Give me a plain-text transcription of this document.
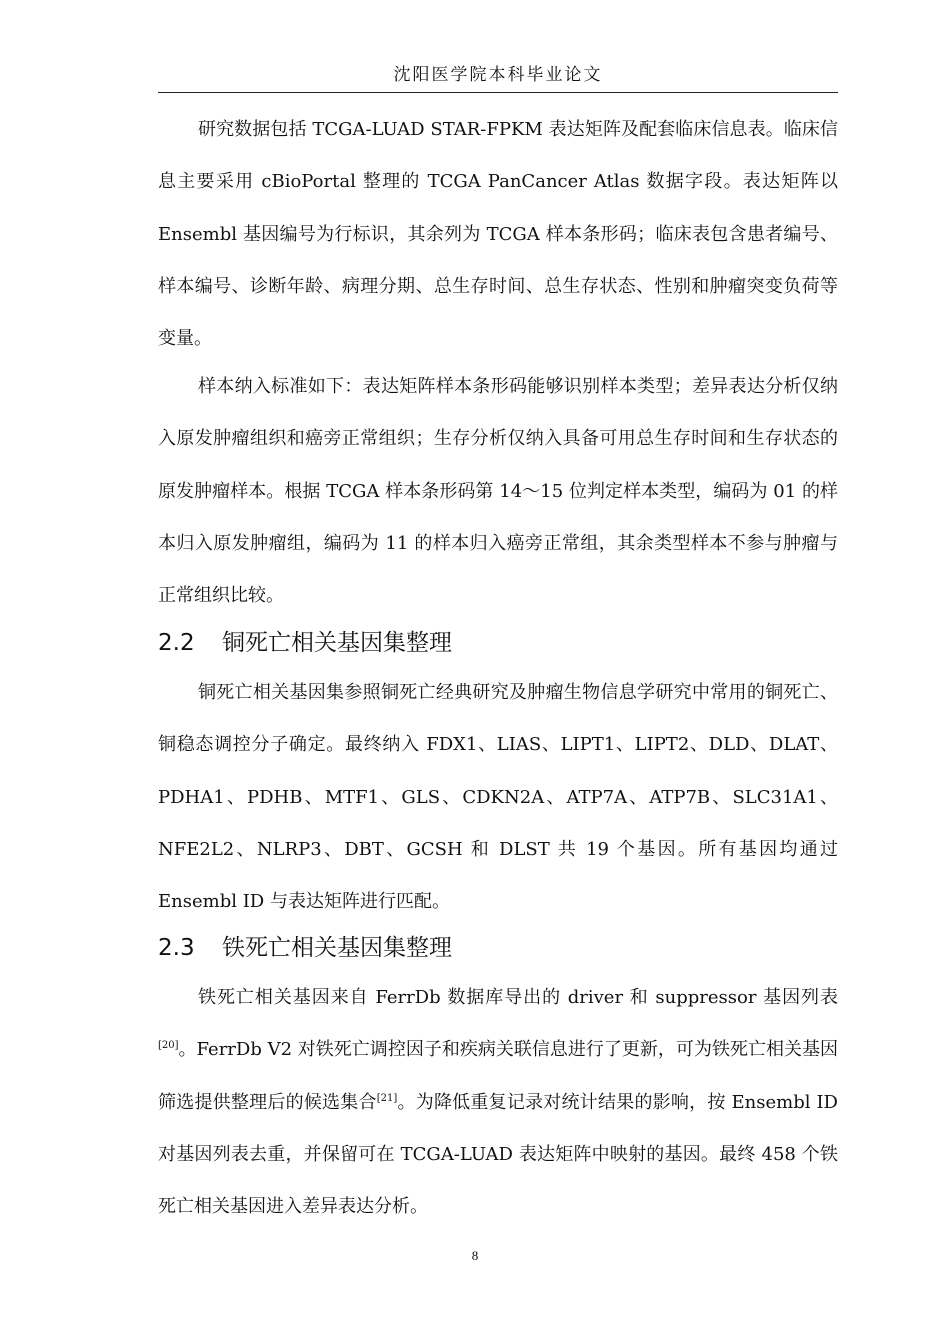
沈阳医学院本科毕业论文

研究数据包括 TCGA-LUAD STAR-FPKM 表达矩阵及配套临床信息表。临床信息主要采用 cBioPortal 整理的 TCGA PanCancer Atlas 数据字段。表达矩阵以 Ensembl 基因编号为行标识，其余列为 TCGA 样本条形码；临床表包含患者编号、样本编号、诊断年龄、病理分期、总生存时间、总生存状态、性别和肿瘤突变负荷等变量。

样本纳入标准如下：表达矩阵样本条形码能够识别样本类型；差异表达分析仅纳入原发肿瘤组织和癌旁正常组织；生存分析仅纳入具备可用总生存时间和生存状态的原发肿瘤样本。根据 TCGA 样本条形码第 14～15 位判定样本类型，编码为 01 的样本归入原发肿瘤组，编码为 11 的样本归入癌旁正常组，其余类型样本不参与肿瘤与正常组织比较。

2.2 铜死亡相关基因集整理

铜死亡相关基因集参照铜死亡经典研究及肿瘤生物信息学研究中常用的铜死亡、铜稳态调控分子确定。最终纳入 FDX1、LIAS、LIPT1、LIPT2、DLD、DLAT、PDHA1、PDHB、MTF1、GLS、CDKN2A、ATP7A、ATP7B、SLC31A1、NFE2L2、NLRP3、DBT、GCSH 和 DLST 共 19 个基因。所有基因均通过 Ensembl ID 与表达矩阵进行匹配。

2.3 铁死亡相关基因集整理

铁死亡相关基因来自 FerrDb 数据库导出的 driver 和 suppressor 基因列表[20]。FerrDb V2 对铁死亡调控因子和疾病关联信息进行了更新，可为铁死亡相关基因筛选提供整理后的候选集合[21]。为降低重复记录对统计结果的影响，按 Ensembl ID 对基因列表去重，并保留可在 TCGA-LUAD 表达矩阵中映射的基因。最终 458 个铁死亡相关基因进入差异表达分析。

8
